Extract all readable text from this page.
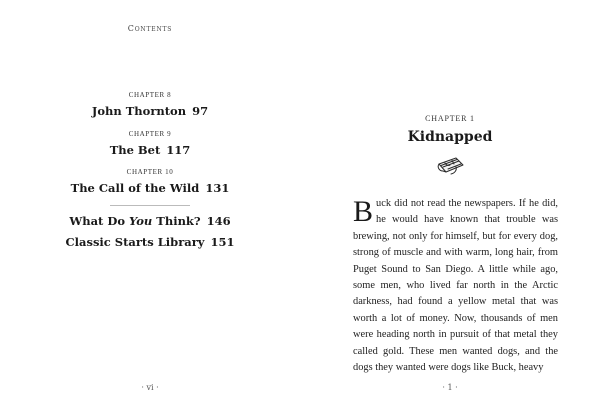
Contents
CHAPTER 8
John Thornton 97
CHAPTER 9
The Bet 117
CHAPTER 10
The Call of the Wild 131
What Do You Think? 146
Classic Starts Library 151
· vi ·
CHAPTER 1
Kidnapped

Buck did not read the newspapers. If he did, he would have known that trouble was brewing, not only for himself, but for every dog, strong of muscle and with warm, long hair, from Puget Sound to San Diego. A little while ago, some men, who lived far north in the Arctic darkness, had found a yellow metal that was worth a lot of money. Now, thousands of men were heading north in pursuit of that metal they called gold. These men wanted dogs, and the dogs they wanted were dogs like Buck, heavy

· 1 ·
